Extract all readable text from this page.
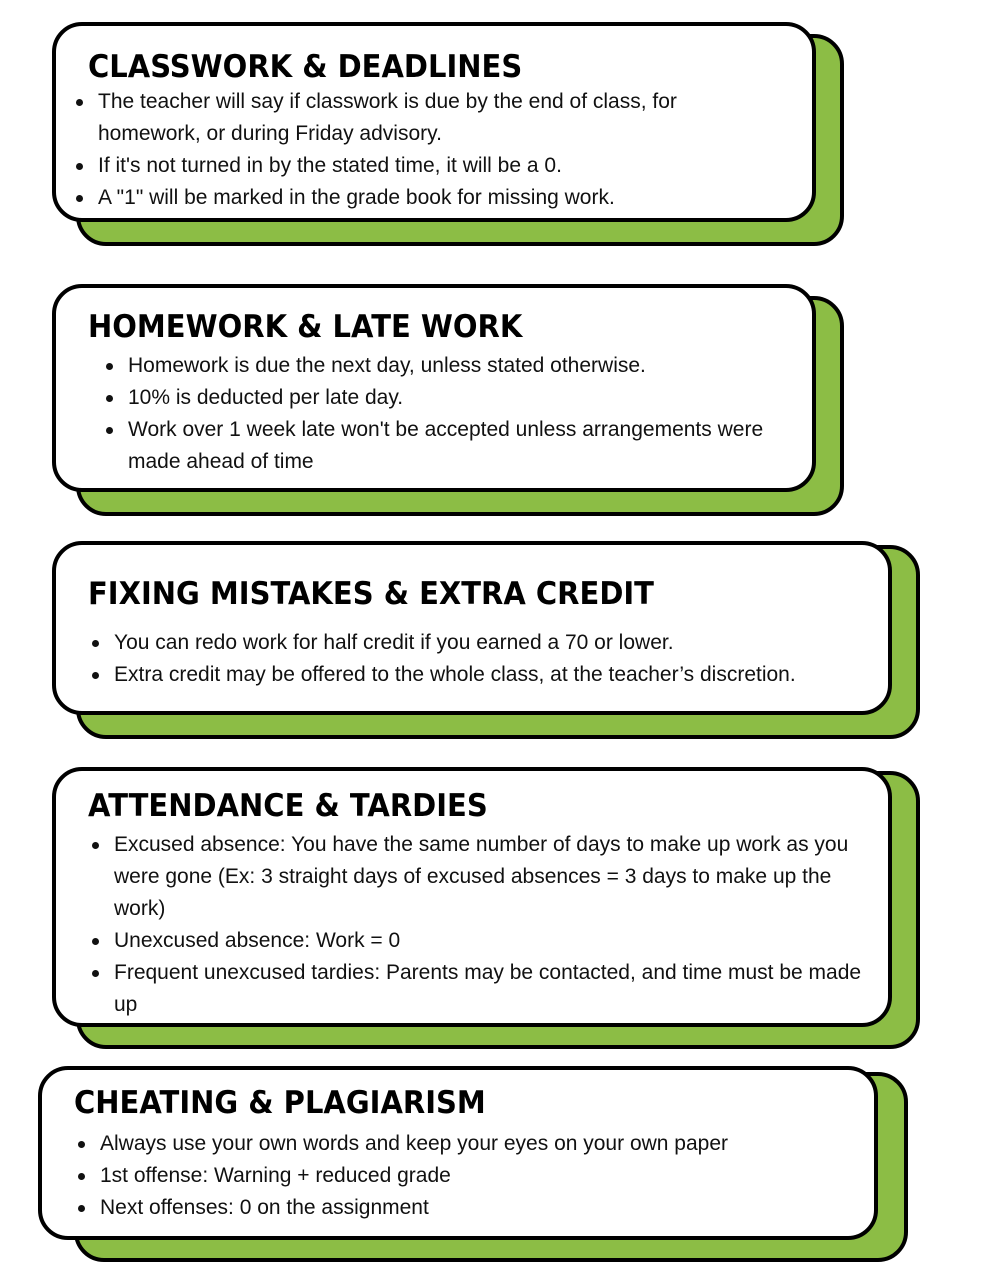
CLASSWORK & DEADLINES
The teacher will say if classwork is due by the end of class, for homework, or during Friday advisory.
If it's not turned in by the stated time, it will be a 0.
A "1" will be marked in the grade book for missing work.
HOMEWORK & LATE WORK
Homework is due the next day, unless stated otherwise.
10% is deducted per late day.
Work over 1 week late won't be accepted unless arrangements were made ahead of time
FIXING MISTAKES & EXTRA CREDIT
You can redo work for half credit if you earned a 70 or lower.
Extra credit may be offered to the whole class, at the teacher’s discretion.
ATTENDANCE & TARDIES
Excused absence: You have the same number of days to make up work as you were gone (Ex: 3 straight days of excused absences = 3 days to make up the work)
Unexcused absence: Work = 0
Frequent unexcused tardies: Parents may be contacted, and time must be made up
CHEATING & PLAGIARISM
Always use your own words and keep your eyes on your own paper
1st offense: Warning + reduced grade
Next offenses: 0 on the assignment
